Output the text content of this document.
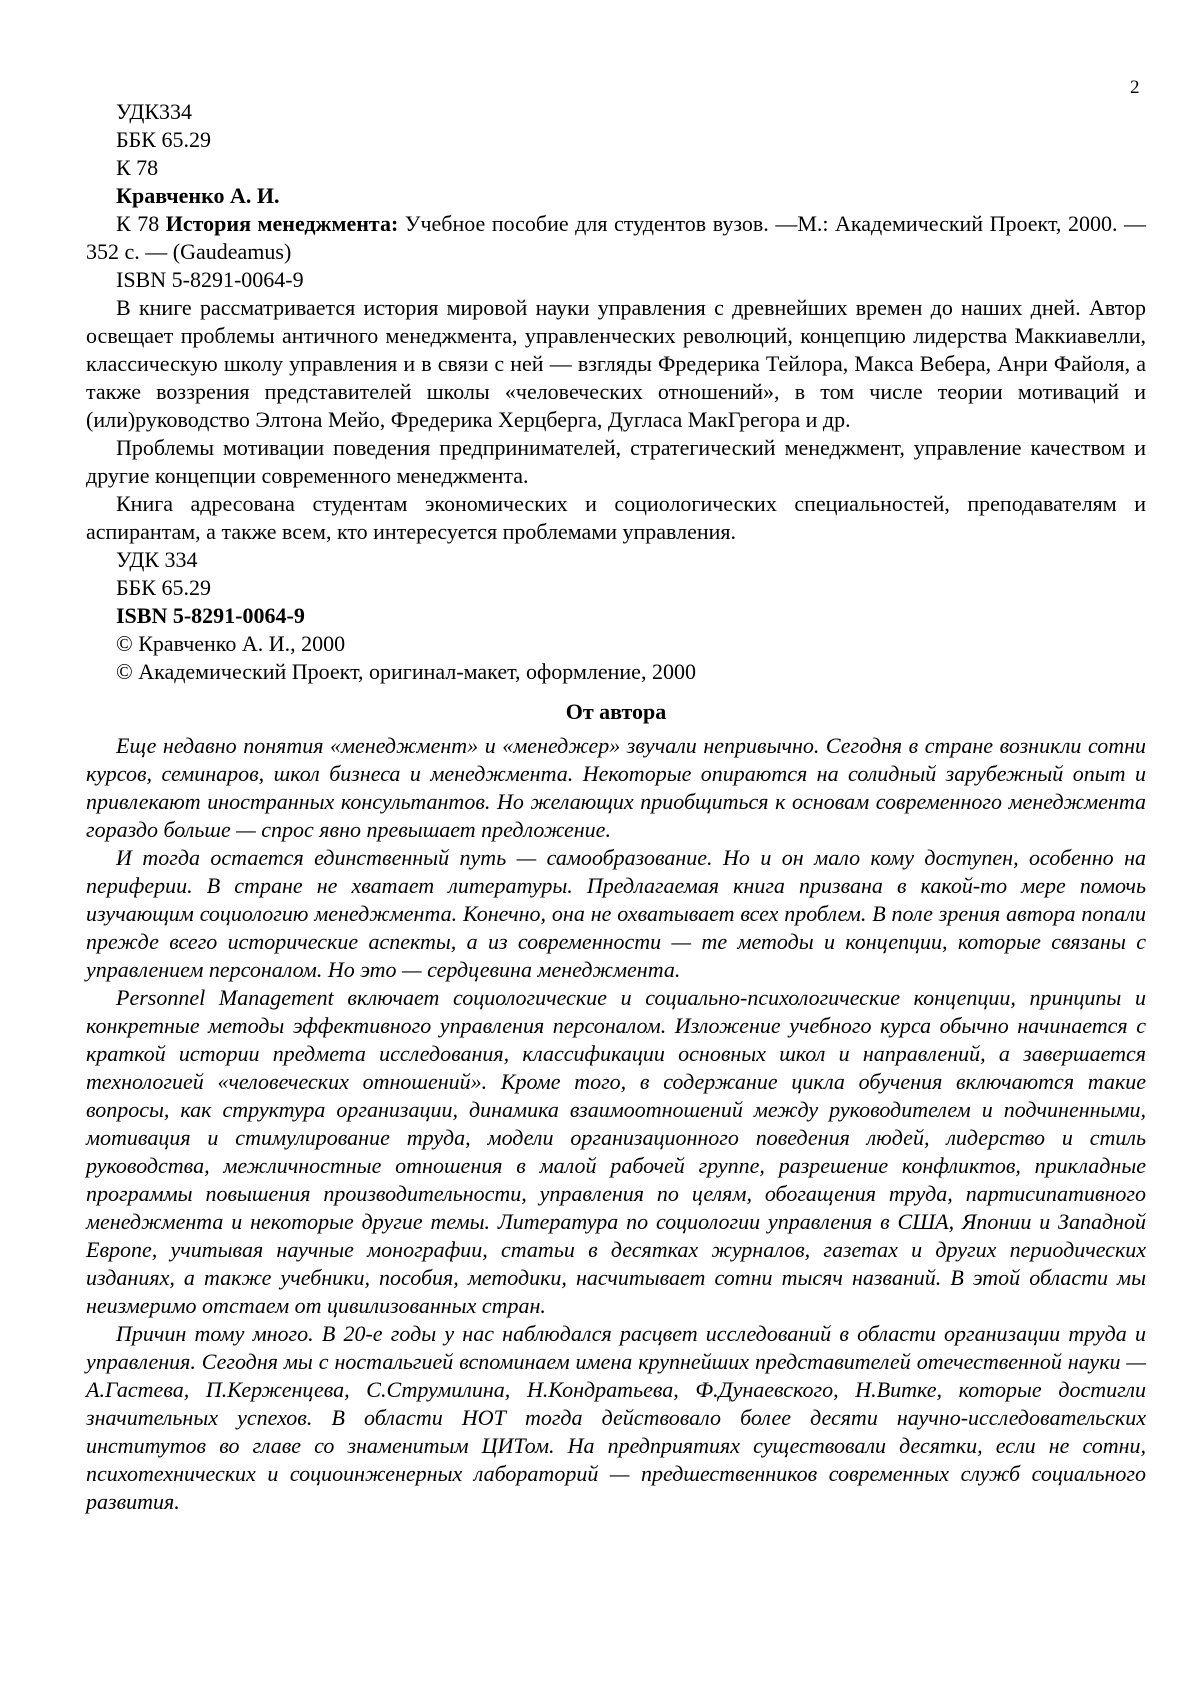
2

УДК334

ББК 65.29

К 78

Кравченко А. И.

К 78 История менеджмента: Учебное пособие для студентов вузов. —М.: Академический Проект, 2000. — 352 с. — (Gaudeamus)

ISBN 5-8291-0064-9

В книге рассматривается история мировой науки управления с древнейших времен до наших дней. Автор освещает проблемы античного менеджмента, управленческих революций, концепцию лидерства Маккиавелли, классическую школу управления и в связи с ней — взгляды Фредерика Тейлора, Макса Вебера, Анри Файоля, а также воззрения представителей школы «человеческих отношений», в том числе теории мотиваций и (или)руководство Элтона Мейо, Фредерика Херцберга, Дугласа МакГрегора и др.

Проблемы мотивации поведения предпринимателей, стратегический менеджмент, управление качеством и другие концепции современного менеджмента.

Книга адресована студентам экономических и социологических специальностей, преподавателям и аспирантам, а также всем, кто интересуется проблемами управления.

УДК 334

ББК 65.29

ISBN 5-8291-0064-9

© Кравченко А. И., 2000

© Академический Проект, оригинал-макет, оформление, 2000

От автора

Еще недавно понятия «менеджмент» и «менеджер» звучали непривычно. Сегодня в стране возникли сотни курсов, семинаров, школ бизнеса и менеджмента. Некоторые опираются на солидный зарубежный опыт и привлекают иностранных консультантов. Но желающих приобщиться к основам современного менеджмента гораздо больше — спрос явно превышает предложение.

И тогда остается единственный путь — самообразование. Но и он мало кому доступен, особенно на периферии. В стране не хватает литературы. Предлагаемая книга призвана в какой-то мере помочь изучающим социологию менеджмента. Конечно, она не охватывает всех проблем. В поле зрения автора попали прежде всего исторические аспекты, а из современности — те методы и концепции, которые связаны с управлением персоналом. Но это — сердцевина менеджмента.

Personnel Management включает социологические и социально-психологические концепции, принципы и конкретные методы эффективного управления персоналом. Изложение учебного курса обычно начинается с краткой истории предмета исследования, классификации основных школ и направлений, а завершается технологией «человеческих отношений». Кроме того, в содержание цикла обучения включаются такие вопросы, как структура организации, динамика взаимоотношений между руководителем и подчиненными, мотивация и стимулирование труда, модели организационного поведения людей, лидерство и стиль руководства, межличностные отношения в малой рабочей группе, разрешение конфликтов, прикладные программы повышения производительности, управления по целям, обогащения труда, партисипативного менеджмента и некоторые другие темы. Литература по социологии управления в США, Японии и Западной Европе, учитывая научные монографии, статьи в десятках журналов, газетах и других периодических изданиях, а также учебники, пособия, методики, насчитывает сотни тысяч названий. В этой области мы неизмеримо отстаем от цивилизованных стран.

Причин тому много. В 20-е годы у нас наблюдался расцвет исследований в области организации труда и управления. Сегодня мы с ностальгией вспоминаем имена крупнейших представителей отечественной науки — А.Гастева, П.Керженцева, С.Струмилина, Н.Кондратьева, Ф.Дунаевского, Н.Витке, которые достигли значительных успехов. В области НОТ тогда действовало более десяти научно-исследовательских институтов во главе со знаменитым ЦИТом. На предприятиях существовали десятки, если не сотни, психотехнических и социоинженерных лабораторий — предшественников современных служб социального развития.
